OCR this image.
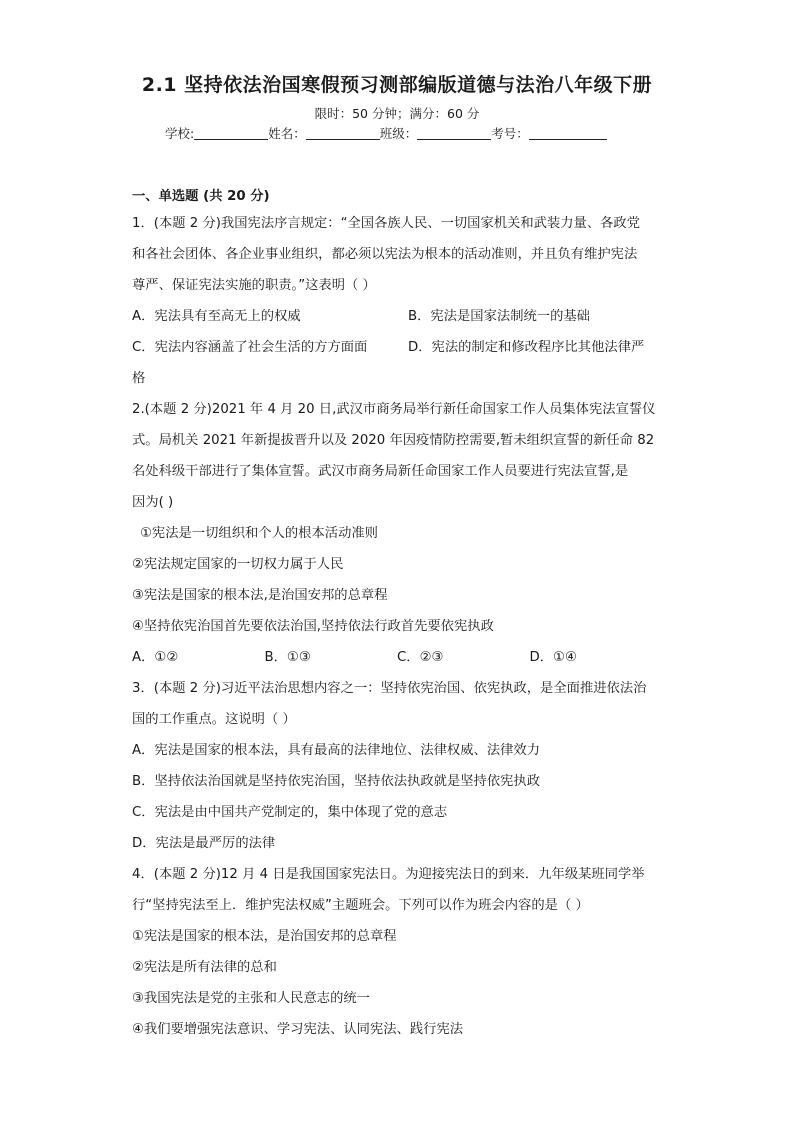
2.1 坚持依法治国寒假预习测部编版道德与法治八年级下册
限时：50 分钟；满分：60 分
学校:	姓名：	班级：	考号：
一、单选题 (共 20 分)
1．(本题 2 分)我国宪法序言规定：“全国各族人民、一切国家机关和武装力量、各政党
和各社会团体、各企业事业组织，都必须以宪法为根本的活动准则，并且负有维护宪法
尊严、保证宪法实施的职责。”这表明（ ）
A．宪法具有至高无上的权威	B．宪法是国家法制统一的基础
C．宪法内容涵盖了社会生活的方方面面	D．宪法的制定和修改程序比其他法律严
格
2.(本题 2 分)2021 年 4 月 20 日,武汉市商务局举行新任命国家工作人员集体宪法宣誓仪
式。局机关 2021 年新提拔晋升以及 2020 年因疫情防控需要,暂未组织宣誓的新任命 82
名处科级干部进行了集体宣誓。武汉市商务局新任命国家工作人员要进行宪法宣誓,是
因为( )
①宪法是一切组织和个人的根本活动准则
②宪法规定国家的一切权力属于人民
③宪法是国家的根本法,是治国安邦的总章程
④坚持依宪治国首先要依法治国,坚持依法行政首先要依宪执政
A．①②	B．①③	C．②③	D．①④
3．(本题 2 分)习近平法治思想内容之一：坚持依宪治国、依宪执政，是全面推进依法治
国的工作重点。这说明（ ）
A．宪法是国家的根本法，具有最高的法律地位、法律权威、法律效力
B．坚持依法治国就是坚持依宪治国，坚持依法执政就是坚持依宪执政
C．宪法是由中国共产党制定的，集中体现了党的意志
D．宪法是最严厉的法律
4．(本题 2 分)12 月 4 日是我国国家宪法日。为迎接宪法日的到来．九年级某班同学举
行“坚持宪法至上．维护宪法权威”主题班会。下列可以作为班会内容的是（ ）
①宪法是国家的根本法，是治国安邦的总章程
②宪法是所有法律的总和
③我国宪法是党的主张和人民意志的统一
④我们要增强宪法意识、学习宪法、认同宪法、践行宪法
